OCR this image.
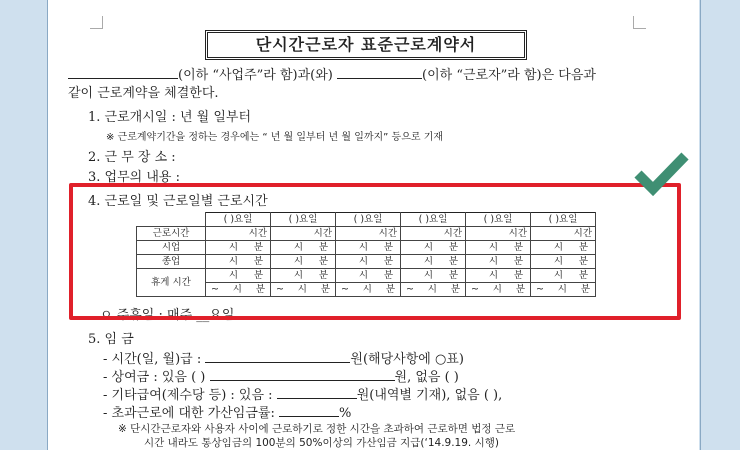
단시간근로자 표준근로계약서
(이하 “사업주”라 함)과(와)	(이하 “근로자”라 함)은 다음과
같이 근로계약을 체결한다.
1. 근로개시일 : 년 월 일부터
※ 근로계약기간을 정하는 경우에는 “ 년 월 일부터 년 월 일까지” 등으로 기재
2. 근 무 장 소 :
3. 업무의 내용 :
4. 근로일 및 근로일별 근로시간
	( )요일	( )요일	( )요일	( )요일	( )요일	( )요일
근로시간	시간	시간	시간	시간	시간	시간
시업	시 분	시 분	시 분	시 분	시 분	시 분

종업	시 분	시 분	시 분	시 분	시 분	시 분

휴게 시간	시 분	시 분	시 분	시 분	시 분	시 분

	~ 시 분	~ 시 분	~ 시 분	~ 시 분	~ 시 분	~ 시 분
ㅇ 주휴일 : 매주 __요일
5. 임 금
- 시간(일, 월)급 :	원(해당사항에 ○표)
- 상여금 : 있음 ( )	원, 없음 ( )
- 기타급여(제수당 등) : 있음 :	원(내역별 기재), 없음 ( ),
- 초과근로에 대한 가산임금률:	%
※ 단시간근로자와 사용자 사이에 근로하기로 정한 시간을 초과하여 근로하면 법정 근로
시간 내라도 통상임금의 100분의 50%이상의 가산임금 지급(‘14.9.19. 시행)
